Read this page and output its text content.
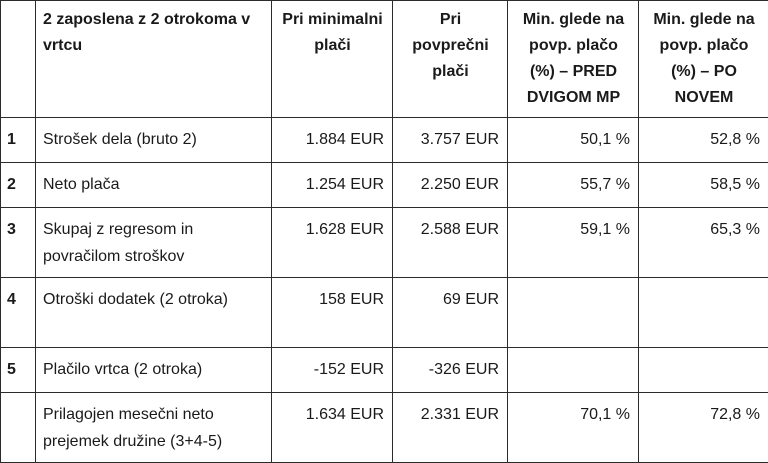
	2 zaposlena z 2 otrokoma v vrtcu	Pri minimalni plači	Pri povprečni plači	Min. glede na povp. plačo (%) – PRED DVIGOM MP	Min. glede na povp. plačo (%) – PO NOVEM
1	Strošek dela (bruto 2)	1.884 EUR	3.757 EUR	50,1 %	52,8 %
2	Neto plača	1.254 EUR	2.250 EUR	55,7 %	58,5 %
3	Skupaj z regresom in povračilom stroškov	1.628 EUR	2.588 EUR	59,1 %	65,3 %
4	Otroški dodatek (2 otroka)	158 EUR	69 EUR		
5	Plačilo vrtca (2 otroka)	-152 EUR	-326 EUR		
	Prilagojen mesečni neto prejemek družine (3+4-5)	1.634 EUR	2.331 EUR	70,1 %	72,8 %
